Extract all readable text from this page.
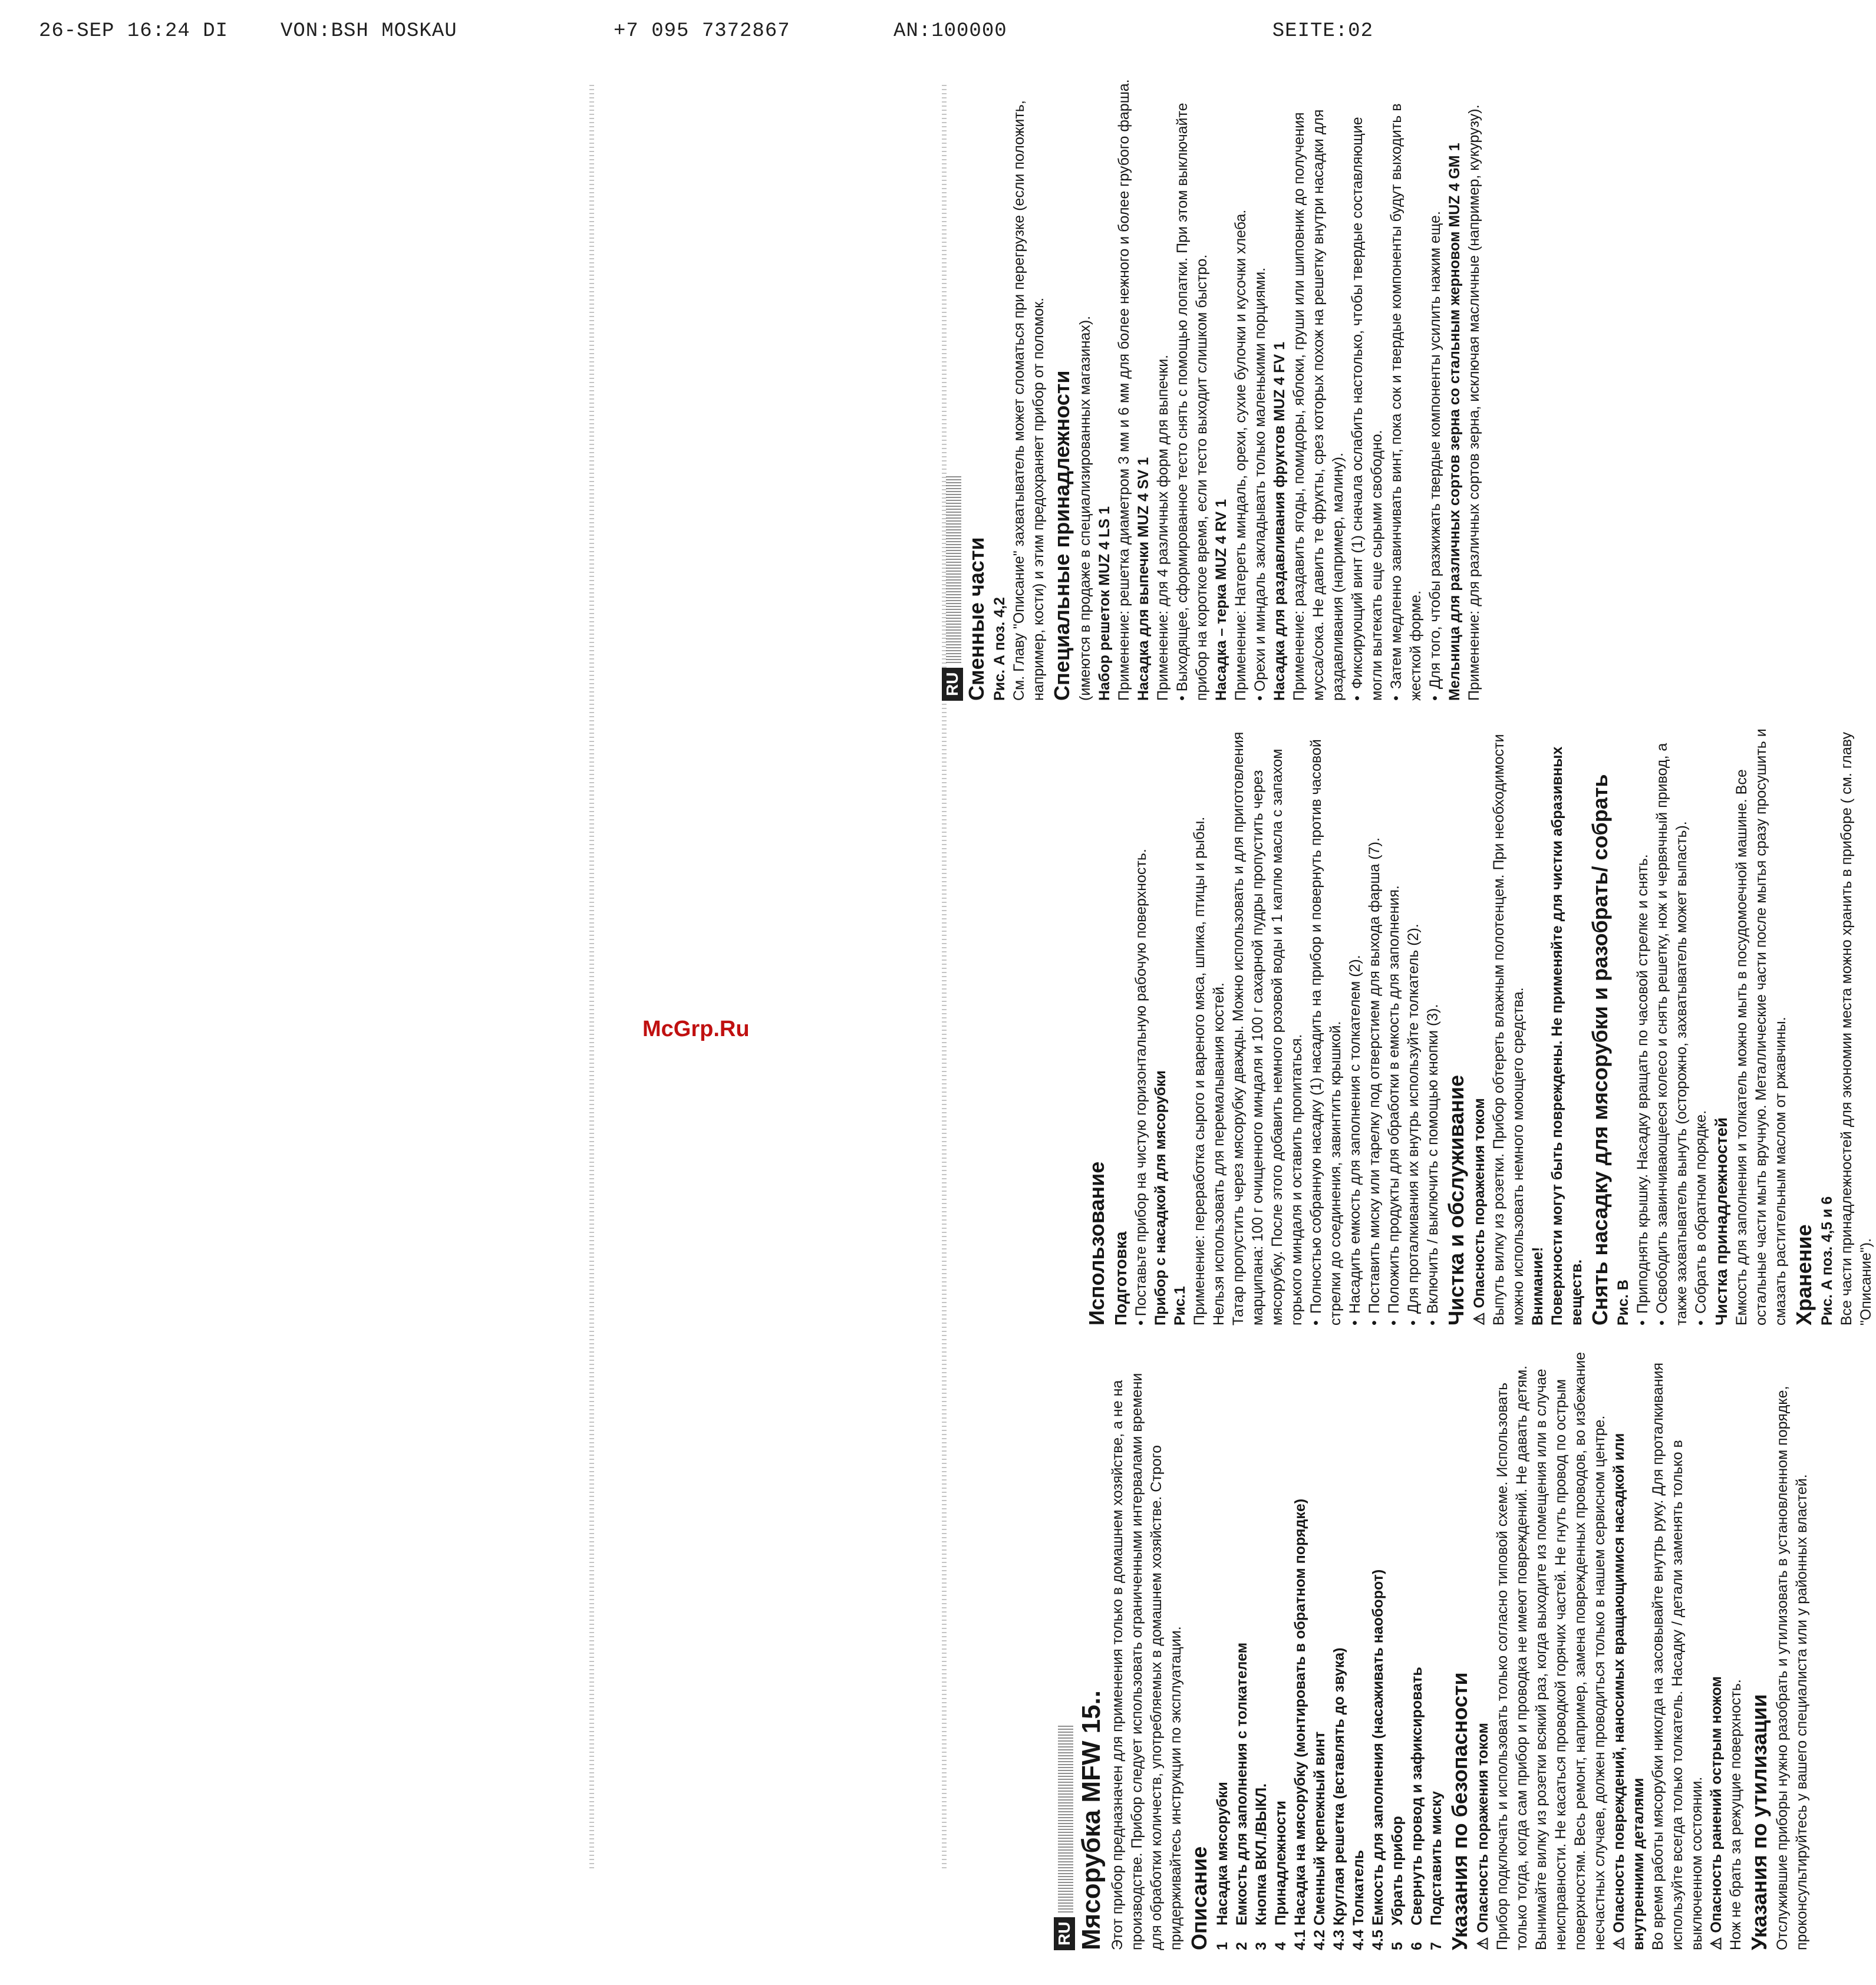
26-SEP 16:24 DI	VON:BSH MOSKAU	+7 095 7372867	AN:100000	SEITE:02

RU Мясорубка MFW 15.. Этот прибор предназначен для применения только в домашнем хозяйстве, а не на производстве. Прибор следует использовать ограниченными интервалами времени для обработки количеств, употребляемых в домашнем хозяйстве. Строго придерживайтесь инструкции по эксплуатации. Описание 1Насадка мясорубки
2Емкость для заполнения с толкателем
3Кнопка ВКЛ./ВЫКЛ.
4Принадлежности
4.1Насадка на мясорубку (монтировать в обратном порядке)
4.2Сменный крепежный винт
4.3Круглая решетка (вставлять до звука)
4.4Толкатель
4.5Емкость для заполнения (насаживать наоборот)
5Убрать прибор
6Свернуть провод и зафиксировать
7Подставить миску Указания по безопасности ⚠ Опасность поражения током Прибор подключать и использовать только согласно типовой схеме. Использовать только тогда, когда сам прибор и проводка не имеют повреждений. Не давать детям. Вынимайте вилку из розетки всякий раз, когда выходите из помещения или в случае неисправности. Не касаться проводкой горячих частей. Не гнуть провод по острым поверхностям. Весь ремонт, например, замена поврежденных проводов, во избежание несчастных случаев, должен проводиться только в нашем сервисном центре. ⚠ Опасность повреждений, наносимых вращающимися насадкой или внутренними деталями Во время работы мясорубки никогда на засовывайте внутрь руку. Для проталкивания используйте всегда только толкатель. Насадку / детали заменять только в выключенном состоянии. ⚠ Опасность ранений острым ножом Нож не брать за режущие поверхность. Указания по утилизации Отслужившие приборы нужно разобрать и утилизовать в установленном порядке, проконсультируйтесь у вашего специалиста или у районных властей.

Использование Подготовка • Поставьте прибор на чистую горизонтальную рабочую поверхность. Прибор с насадкой для мясорубки Рис.1 Применение: переработка сырого и вареного мяса, шпика, птицы и рыбы. Нельзя использовать для перемалывания костей. Татар пропустить через мясорубку дважды. Можно использовать и для приготовления марципана: 100 г очищенного миндаля и 100 г сахарной пудры пропустить через мясорубку. После этого добавить немного розовой воды и 1 каплю масла с запахом горького миндаля и оставить пропитаться. •Полностью собранную насадку (1) насадить на прибор и повернуть против часовой стрелки до соединения, завинтить крышкой. •Насадить емкость для заполнения с толкателем (2).
•Поставить миску или тарелку под отверстием для выхода фарша (7).
•Положить продукты для обработки в емкость для заполнения.
•Для проталкивания их внутрь используйте толкатель (2).
•Включить / выключить с помощью кнопки (3). Чистка и обслуживание ⚠ Опасность поражения током Выпуть вилку из розетки. Прибор обтереть влажным полотенцем. При необходимости можно использовать немного моющего средства. Внимание! Поверхности могут быть повреждены. Не применяйте для чистки абразивных веществ. Снять насадку для мясорубки и разобрать/ собрать Рис. В •Приподнять крышку. Насадку вращать по часовой стрелке и снять.
•Освободить завинчивающееся колесо и снять решетку, нож и червячный привод, а также захватыватель вынуть (осторожно, захватыватель может выпасть). •Собрать в обратном порядке. Чистка принадлежностей Емкость для заполнения и толкатель можно мыть в посудомоечной машине. Все остальные части мыть вручную. Металлические части после мытья сразу просушить и смазать растительным маслом от ржавчины. Хранение Рис. А поз. 4,5 и 6 Все части принадлежностей для экономии места можно хранить в приборе ( см. главу "Описание").

RU Сменные части Рис. А поз. 4,2 См. Главу "Описание" захватыватель может сломаться при перегрузке (если положить, например, кости) и этим предохраняет прибор от поломок. Специальные принадлежности (имеются в продаже в специализированных магазинах). Набор решеток MUZ 4 LS 1 Применение: решетка диаметром 3 мм и 6 мм для более нежного и более грубого фарша. Насадка для выпечки MUZ 4 SV 1 Применение: для 4 различных форм для выпечки. • Выходящее, сформированное тесто снять с помощью лопатки. При этом выключайте прибор на короткое время, если тесто выходит слишком быстро. Насадка – терка MUZ 4 RV 1 Применение: Натереть миндаль, орехи, сухие булочки и кусочки хлеба. • Орехи и миндаль закладывать только маленькими порциями. Насадка для раздавливания фруктов MUZ 4 FV 1 Применение: раздавить ягоды, помидоры, яблоки, груши или шиповник до получения мусса/сока. Не давить те фрукты, срез которых похож на решетку внутри насадки для раздавливания (например, малину). •Фиксирующий винт (1) сначала ослабить настолько, чтобы твердые составляющие могли вытекать еще сырыми свободно. •Затем медленно завинчивать винт, пока сок и твердые компоненты будут выходить в жесткой форме. •Для того, чтобы разжижать твердые компоненты усилить нажим еще. Мельница для различных сортов зерна со стальным жерновом MUZ 4 GM 1 Применение: для различных сортов зерна, исключая масличные (например, кукурузу).

McGrp.Ru
